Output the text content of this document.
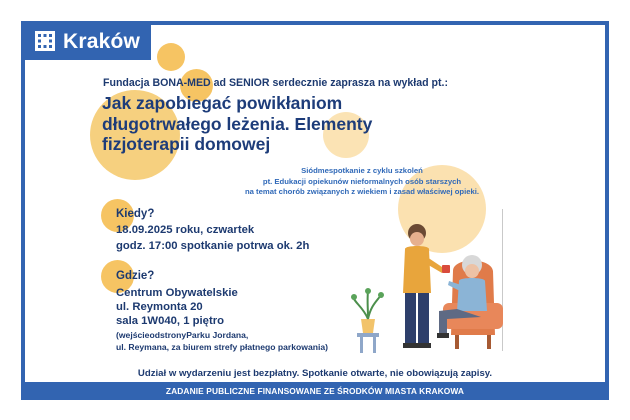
Kraków
Fundacja BONA-MED ad SENIOR serdecznie zaprasza na wykład pt.:
Jak zapobiegać powikłaniom
długotrwałego leżenia. Elementy
fizjoterapii domowej
Siódmespotkanie z cyklu szkoleń
pt. Edukacji opiekunów nieformalnych osób starszych
na temat chorób związanych z wiekiem i zasad właściwej opieki.
Kiedy?
18.09.2025 roku, czwartek
godz. 17:00 spotkanie potrwa ok. 2h
Gdzie?
Centrum Obywatelskie
ul. Reymonta 20
sala 1W040, 1 piętro
(wejścieodstronyParku Jordana,
ul. Reymana, za biurem strefy płatnego parkowania)
Udział w wydarzeniu jest bezpłatny. Spotkanie otwarte, nie obowiązują zapisy.
ZADANIE PUBLICZNE FINANSOWANE ZE ŚRODKÓW MIASTA KRAKOWA
